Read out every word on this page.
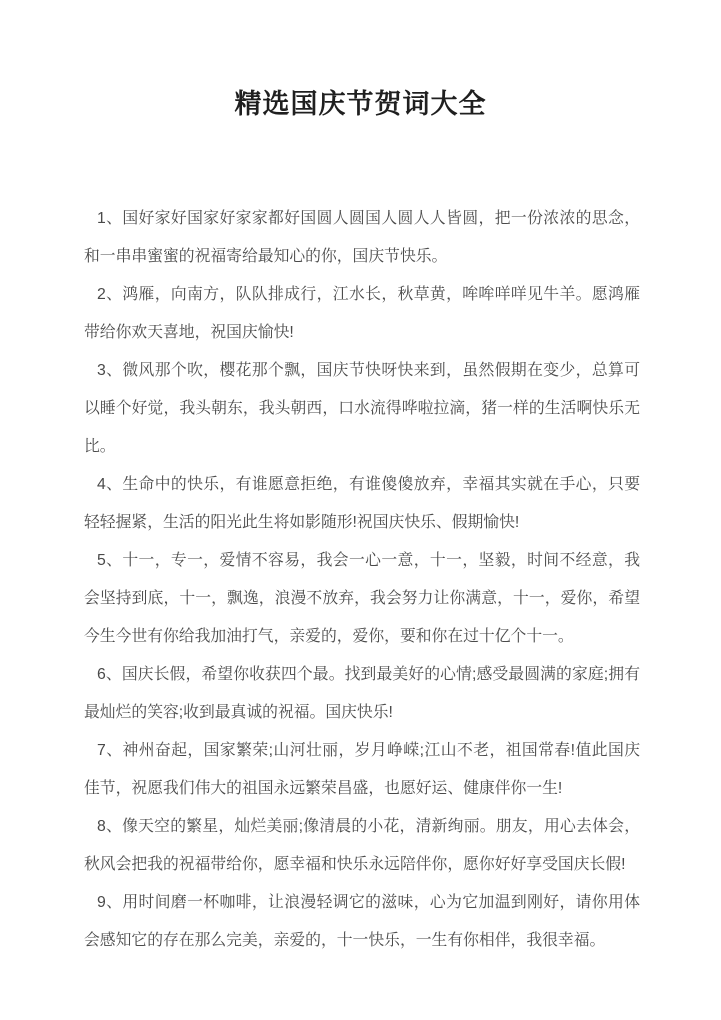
精选国庆节贺词大全

1、国好家好国家好家家都好国圆人圆国人圆人人皆圆，把一份浓浓的思念，和一串串蜜蜜的祝福寄给最知心的你，国庆节快乐。

2、鸿雁，向南方，队队排成行，江水长，秋草黄，哞哞咩咩见牛羊。愿鸿雁带给你欢天喜地，祝国庆愉快!

3、微风那个吹，樱花那个飘，国庆节快呀快来到，虽然假期在变少，总算可以睡个好觉，我头朝东，我头朝西，口水流得哗啦拉滴，猪一样的生活啊快乐无比。

4、生命中的快乐，有谁愿意拒绝，有谁傻傻放弃，幸福其实就在手心，只要轻轻握紧，生活的阳光此生将如影随形!祝国庆快乐、假期愉快!

5、十一，专一，爱情不容易，我会一心一意，十一，坚毅，时间不经意，我会坚持到底，十一，飘逸，浪漫不放弃，我会努力让你满意，十一，爱你，希望今生今世有你给我加油打气，亲爱的，爱你，要和你在过十亿个十一。

6、国庆长假，希望你收获四个最。找到最美好的心情;感受最圆满的家庭;拥有最灿烂的笑容;收到最真诚的祝福。国庆快乐!

7、神州奋起，国家繁荣;山河壮丽，岁月峥嵘;江山不老，祖国常春!值此国庆佳节，祝愿我们伟大的祖国永远繁荣昌盛，也愿好运、健康伴你一生!

8、像天空的繁星，灿烂美丽;像清晨的小花，清新绚丽。朋友，用心去体会，秋风会把我的祝福带给你，愿幸福和快乐永远陪伴你，愿你好好享受国庆长假!

9、用时间磨一杯咖啡，让浪漫轻调它的滋味，心为它加温到刚好，请你用体会感知它的存在那么完美，亲爱的，十一快乐，一生有你相伴，我很幸福。
